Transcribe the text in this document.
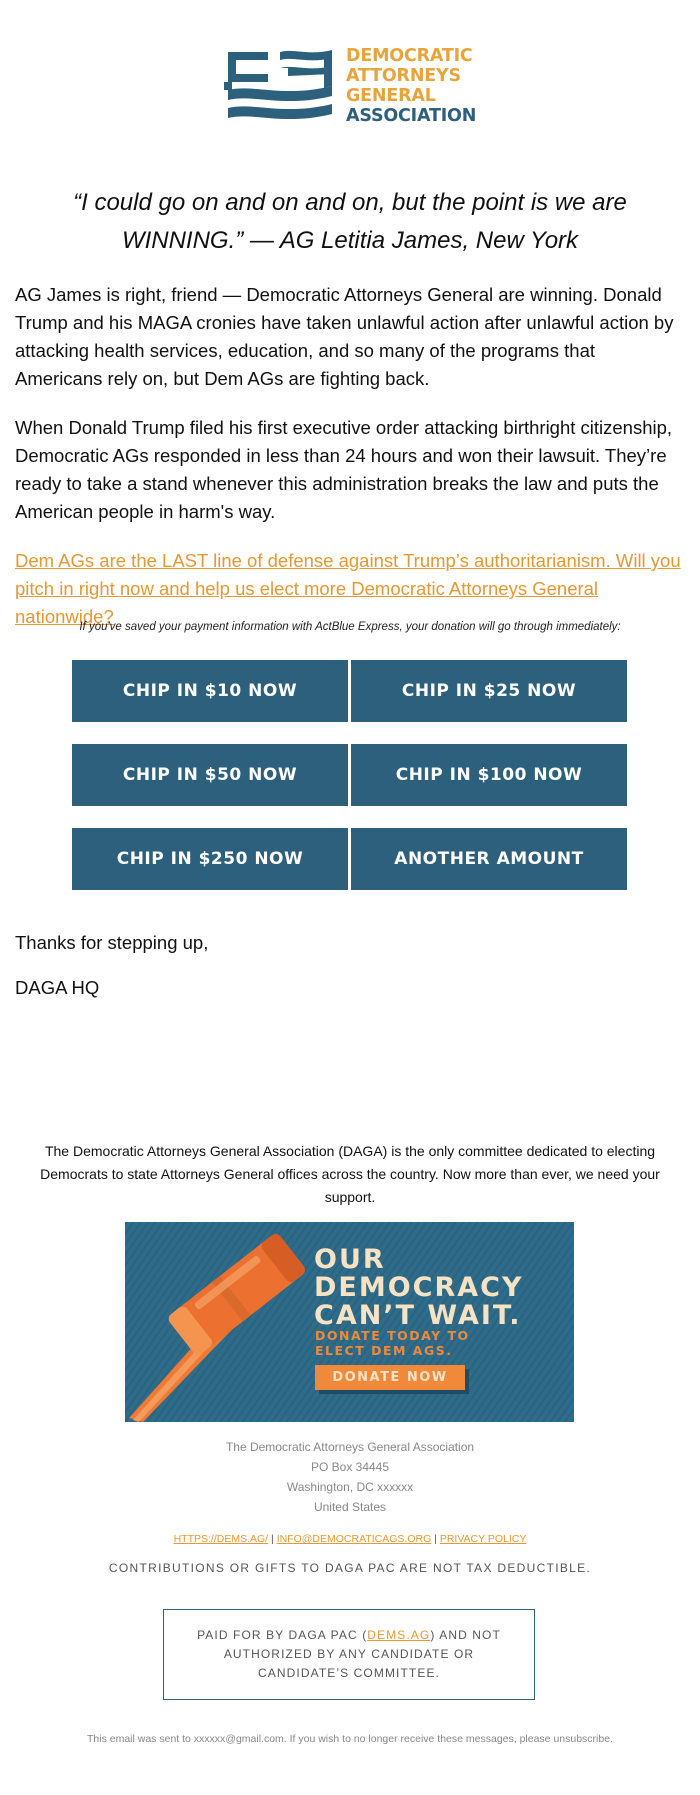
DEMOCRATIC
ATTORNEYS
GENERAL
ASSOCIATION
“I could go on and on and on, but the point is we are WINNING.” — AG Letitia James, New York

AG James is right, friend — Democratic Attorneys General are winning. Donald Trump and his MAGA cronies have taken unlawful action after unlawful action by attacking health services, education, and so many of the programs that Americans rely on, but Dem AGs are fighting back.

When Donald Trump filed his first executive order attacking birthright citizenship, Democratic AGs responded in less than 24 hours and won their lawsuit. They’re ready to take a stand whenever this administration breaks the law and puts the American people in harm's way.

Dem AGs are the LAST line of defense against Trump’s authoritarianism. Will you pitch in right now and help us elect more Democratic Attorneys General nationwide?
If you've saved your payment information with ActBlue Express, your donation will go through immediately:
CHIP IN $10 NOW	CHIP IN $25 NOW
CHIP IN $50 NOW	CHIP IN $100 NOW
CHIP IN $250 NOW	ANOTHER AMOUNT
Thanks for stepping up,
DAGA HQ
The Democratic Attorneys General Association (DAGA) is the only committee dedicated to electing Democrats to state Attorneys General offices across the country. Now more than ever, we need your support.
OUR
DEMOCRACY
CAN’T WAIT.
DONATE TODAY TO
ELECT DEM AGS.
DONATE NOW
The Democratic Attorneys General Association
PO Box 34445
Washington, DC xxxxxx
United States
HTTPS://DEMS.AG/ | INFO@DEMOCRATICAGS.ORG | PRIVACY POLICY
CONTRIBUTIONS OR GIFTS TO DAGA PAC ARE NOT TAX DEDUCTIBLE.
PAID FOR BY DAGA PAC (DEMS.AG) AND NOT AUTHORIZED BY ANY CANDIDATE OR CANDIDATE’S COMMITTEE.
This email was sent to xxxxxx@gmail.com. If you wish to no longer receive these messages, please unsubscribe.
